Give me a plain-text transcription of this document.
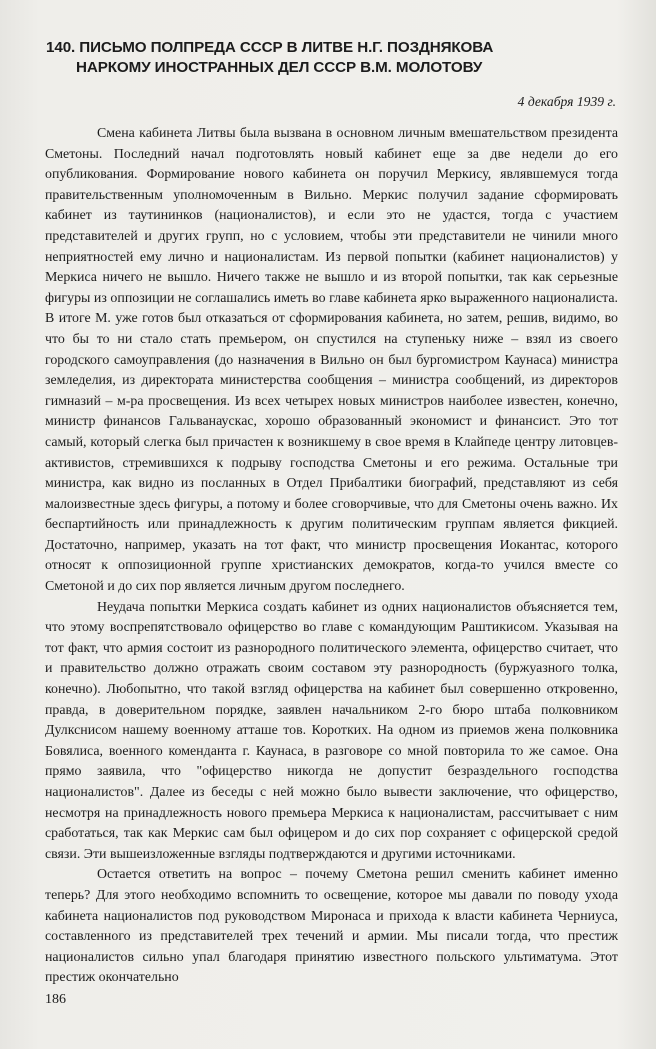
140. ПИСЬМО ПОЛПРЕДА СССР В ЛИТВЕ Н.Г. ПОЗДНЯКОВА
НАРКОМУ ИНОСТРАННЫХ ДЕЛ СССР В.М. МОЛОТОВУ
4 декабря 1939 г.

Смена кабинета Литвы была вызвана в основном личным вмешательством президента Сметоны. Последний начал подготовлять новый кабинет еще за две недели до его опубликования. Формирование нового кабинета он поручил Меркису, являвшемуся тогда правительственным уполномоченным в Вильно. Меркис получил задание сформировать кабинет из таутининков (националистов), и если это не удастся, тогда с участием представителей и других групп, но с условием, чтобы эти представители не чинили много неприятностей ему лично и националистам. Из первой попытки (кабинет националистов) у Меркиса ничего не вышло. Ничего также не вышло и из второй попытки, так как серьезные фигуры из оппозиции не соглашались иметь во главе кабинета ярко выраженного националиста. В итоге М. уже готов был отказаться от сформирования кабинета, но затем, решив, видимо, во что бы то ни стало стать премьером, он спустился на ступеньку ниже – взял из своего городского самоуправления (до назначения в Вильно он был бургомистром Каунаса) министра земледелия, из директората министерства сообщения – министра сообщений, из директоров гимназий – м-ра просвещения. Из всех четырех новых министров наиболее известен, конечно, министр финансов Гальванаускас, хорошо образованный экономист и финансист. Это тот самый, который слегка был причастен к возникшему в свое время в Клайпеде центру литовцев-активистов, стремившихся к подрыву господства Сметоны и его режима. Остальные три министра, как видно из посланных в Отдел Прибалтики биографий, представляют из себя малоизвестные здесь фигуры, а потому и более сговорчивые, что для Сметоны очень важно. Их беспартийность или принадлежность к другим политическим группам является фикцией. Достаточно, например, указать на тот факт, что министр просвещения Иокантас, которого относят к оппозиционной группе христианских демократов, когда-то учился вместе со Сметоной и до сих пор является личным другом последнего.

Неудача попытки Меркиса создать кабинет из одних националистов объясняется тем, что этому воспрепятствовало офицерство во главе с командующим Раштикисом. Указывая на тот факт, что армия состоит из разнородного политического элемента, офицерство считает, что и правительство должно отражать своим составом эту разнородность (буржуазного толка, конечно). Любопытно, что такой взгляд офицерства на кабинет был совершенно откровенно, правда, в доверительном порядке, заявлен начальником 2-го бюро штаба полковником Дулкснисом нашему военному атташе тов. Коротких. На одном из приемов жена полковника Бовялиса, военного коменданта г. Каунаса, в разговоре со мной повторила то же самое. Она прямо заявила, что "офицерство никогда не допустит безраздельного господства националистов". Далее из беседы с ней можно было вывести заключение, что офицерство, несмотря на принадлежность нового премьера Меркиса к националистам, рассчитывает с ним сработаться, так как Меркис сам был офицером и до сих пор сохраняет с офицерской средой связи. Эти вышеизложенные взгляды подтверждаются и другими источниками.

Остается ответить на вопрос – почему Сметона решил сменить кабинет именно теперь? Для этого необходимо вспомнить то освещение, которое мы давали по поводу ухода кабинета националистов под руководством Миронаса и прихода к власти кабинета Черниуса, составленного из представителей трех течений и армии. Мы писали тогда, что престиж националистов сильно упал благодаря принятию известного польского ультиматума. Этот престиж окончательно

186
